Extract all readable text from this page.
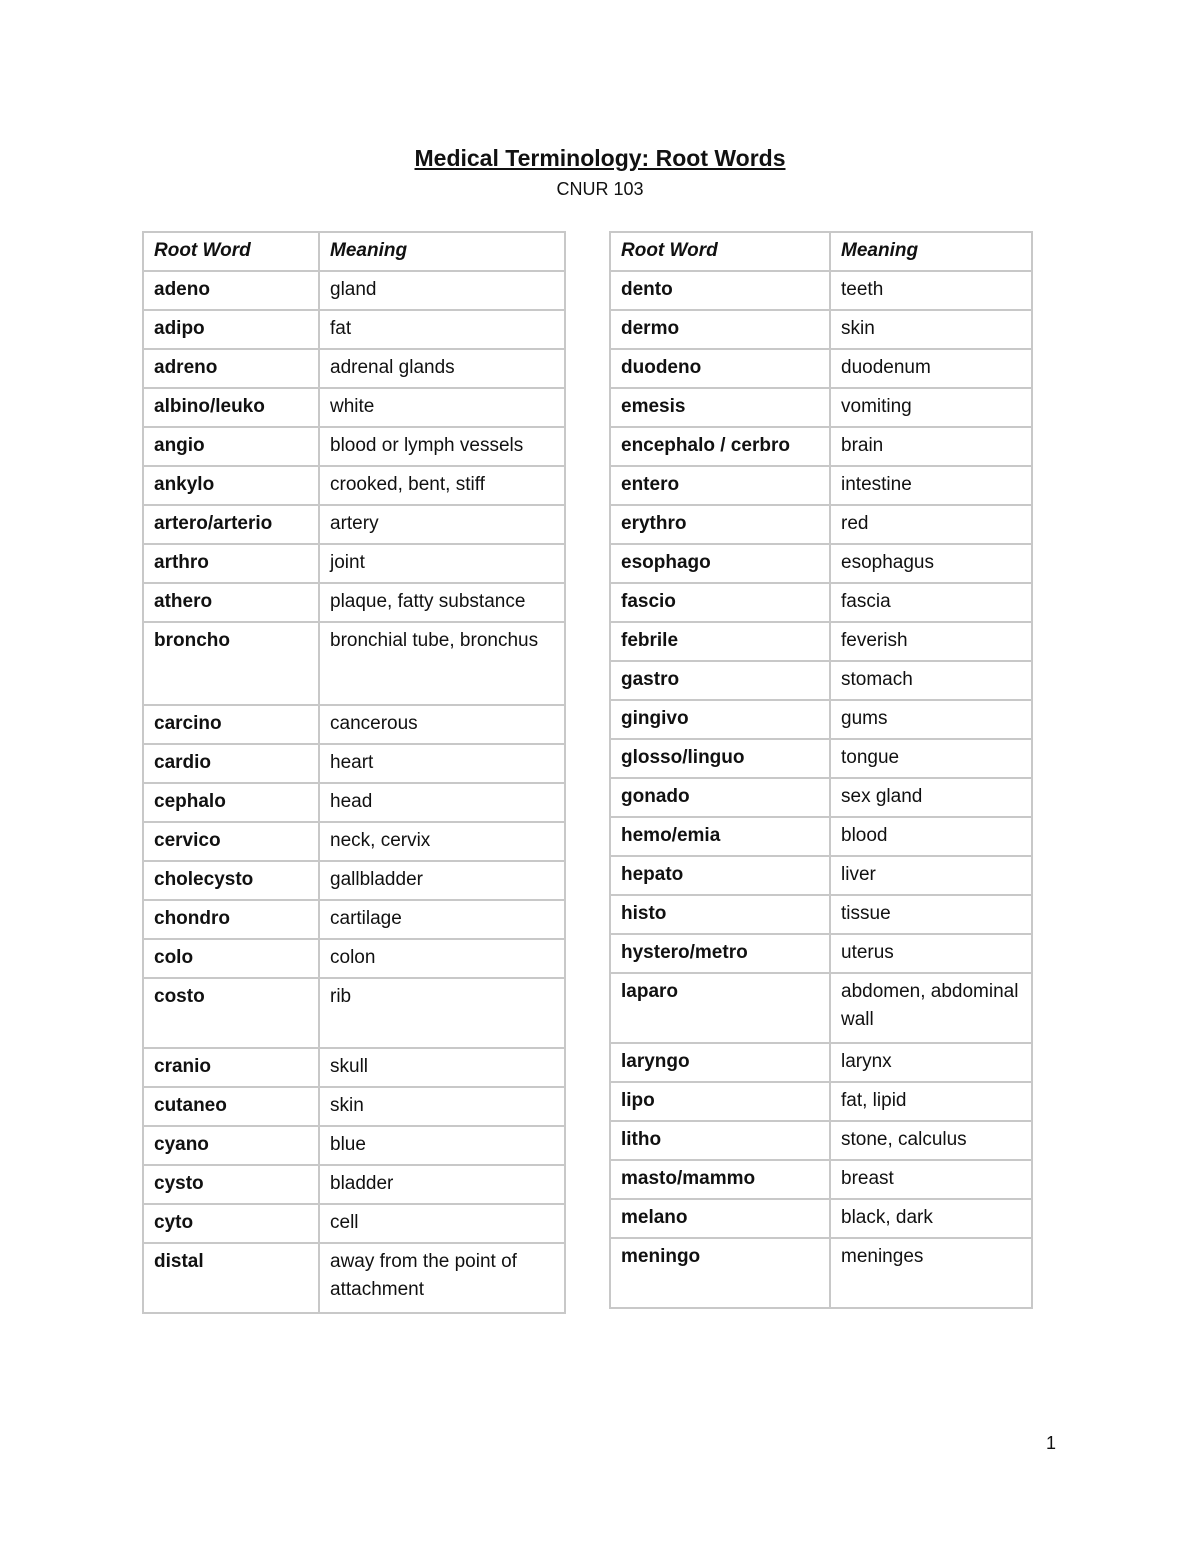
Medical Terminology: Root Words
CNUR 103
Root Word	Meaning
adeno	gland
adipo	fat
adreno	adrenal glands
albino/leuko	white
angio	blood or lymph vessels
ankylo	crooked, bent, stiff
artero/arterio	artery
arthro	joint
athero	plaque, fatty substance
broncho	bronchial tube, bronchus
carcino	cancerous
cardio	heart
cephalo	head
cervico	neck, cervix
cholecysto	gallbladder
chondro	cartilage
colo	colon
costo	rib
cranio	skull
cutaneo	skin
cyano	blue
cysto	bladder
cyto	cell
distal	away from the point of attachment
Root Word	Meaning
dento	teeth
dermo	skin
duodeno	duodenum
emesis	vomiting
encephalo / cerbro	brain
entero	intestine
erythro	red
esophago	esophagus
fascio	fascia
febrile	feverish
gastro	stomach
gingivo	gums
glosso/linguo	tongue
gonado	sex gland
hemo/emia	blood
hepato	liver
histo	tissue
hystero/metro	uterus
laparo	abdomen, abdominal wall
laryngo	larynx
lipo	fat, lipid
litho	stone, calculus
masto/mammo	breast
melano	black, dark
meningo	meninges
1
